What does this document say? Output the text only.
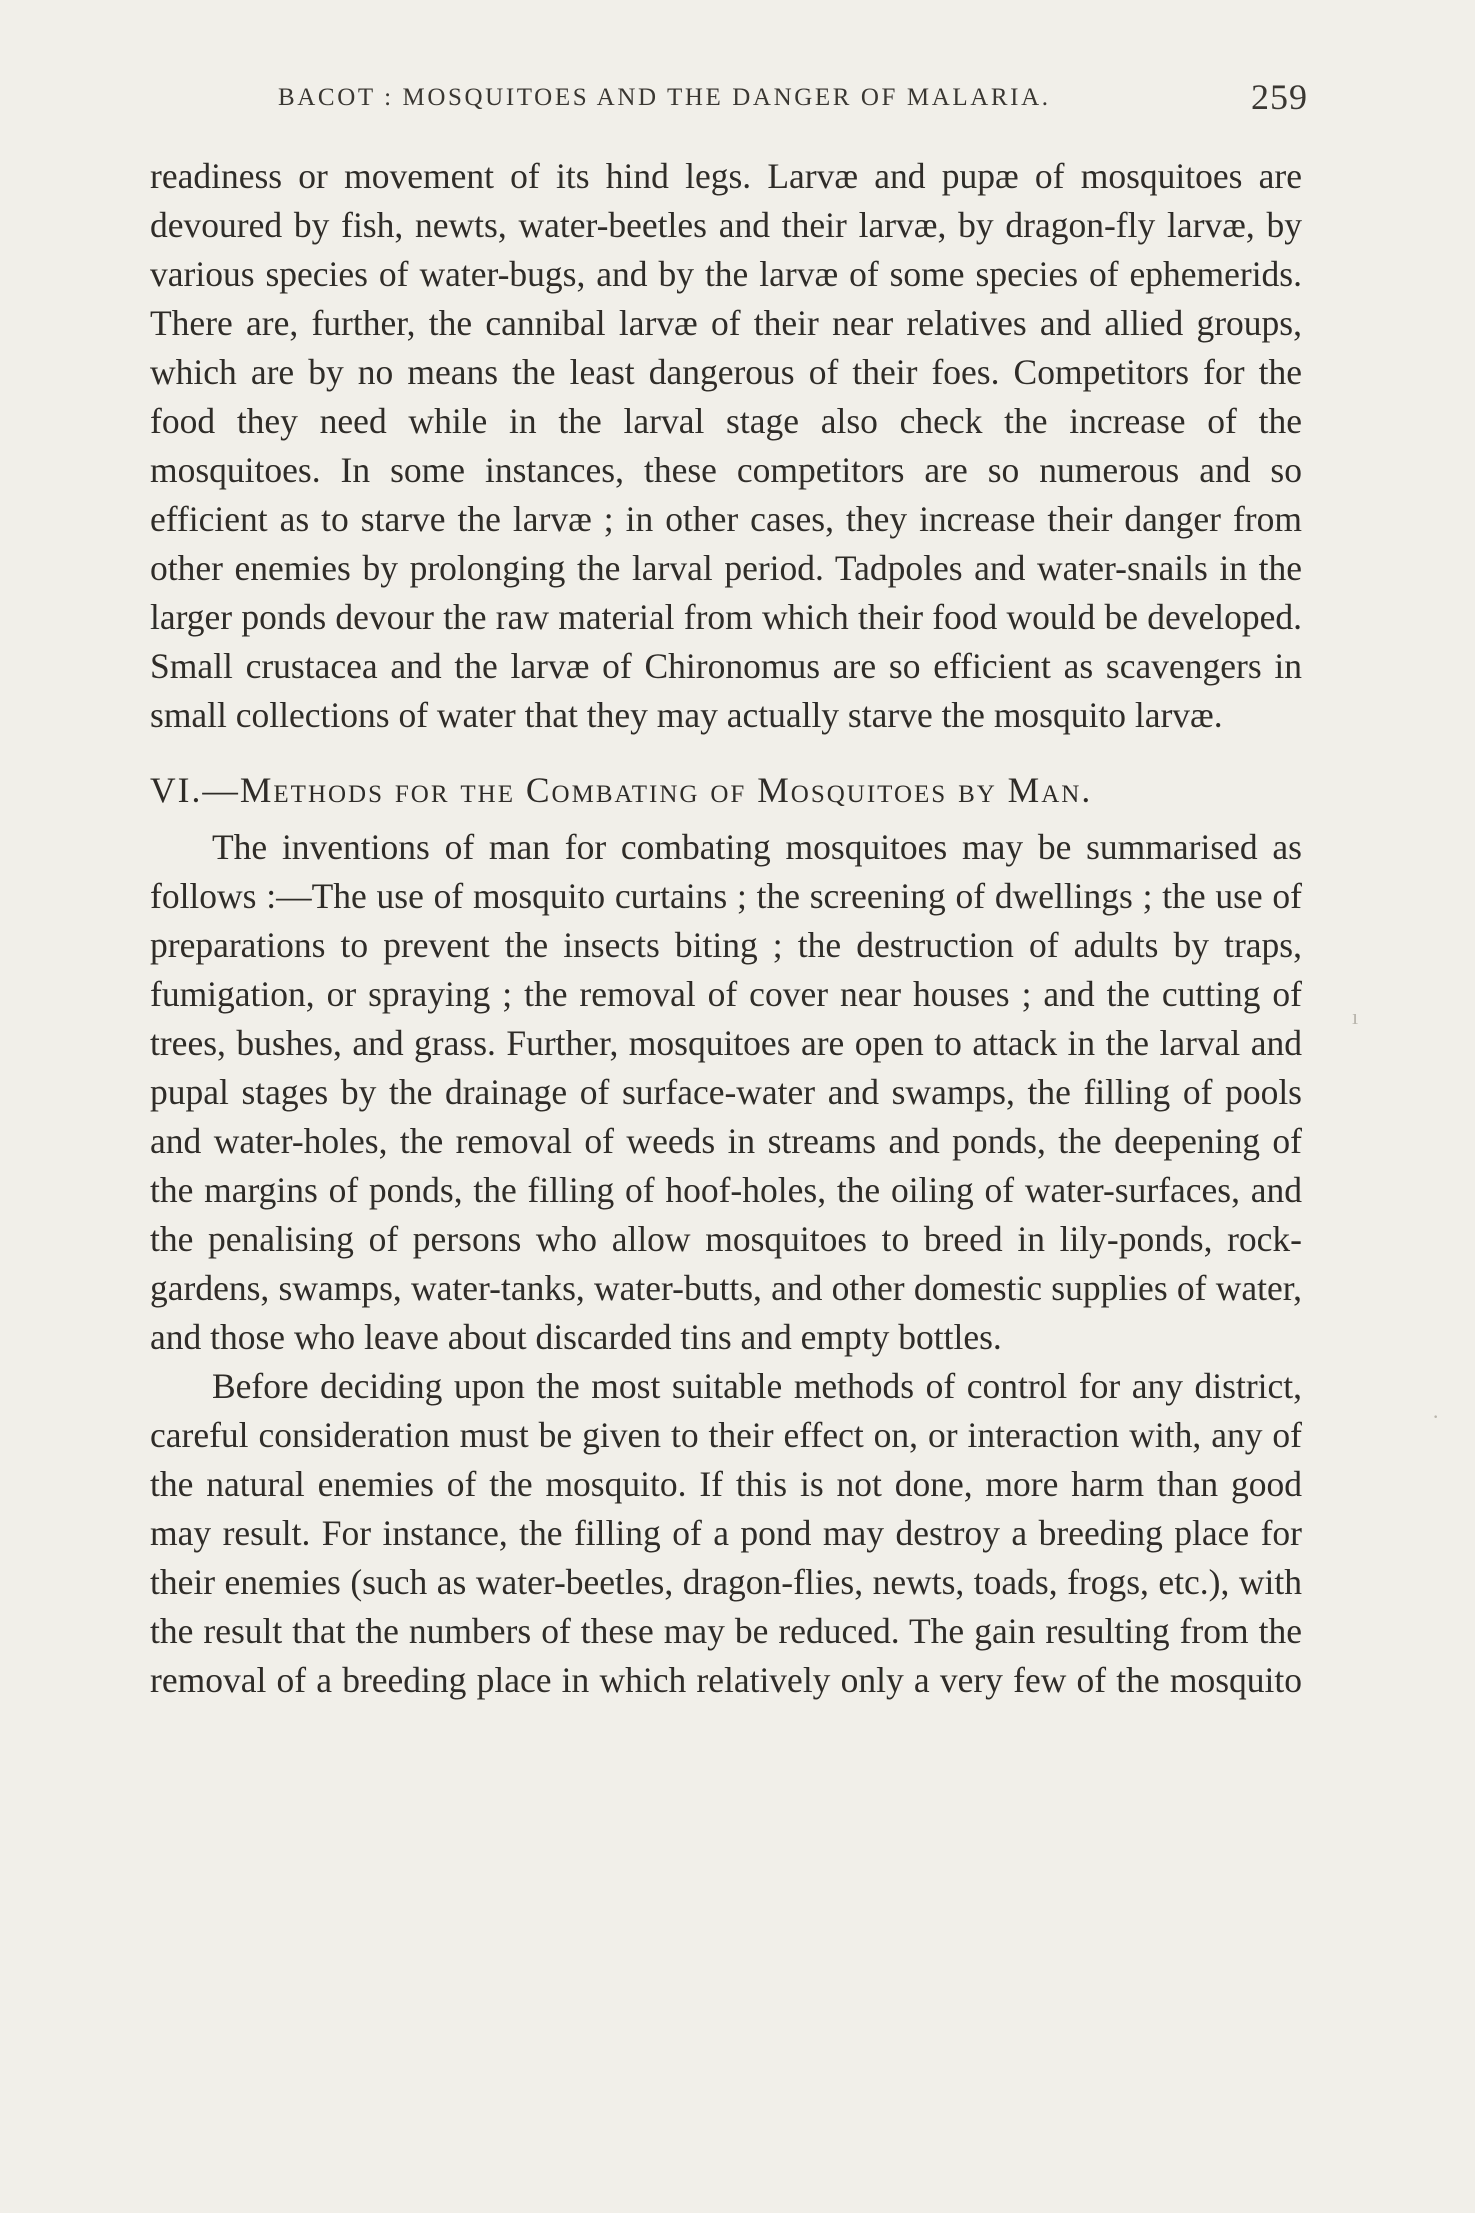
BACOT : MOSQUITOES AND THE DANGER OF MALARIA.	259

readiness or movement of its hind legs. Larvæ and pupæ of mosquitoes are devoured by fish, newts, water-beetles and their larvæ, by dragon-fly larvæ, by various species of water-bugs, and by the larvæ of some species of ephemerids. There are, further, the cannibal larvæ of their near relatives and allied groups, which are by no means the least dangerous of their foes. Competitors for the food they need while in the larval stage also check the increase of the mosquitoes. In some instances, these competitors are so numerous and so efficient as to starve the larvæ ; in other cases, they increase their danger from other enemies by prolonging the larval period. Tadpoles and water-snails in the larger ponds devour the raw material from which their food would be developed. Small crustacea and the larvæ of Chironomus are so efficient as scavengers in small collections of water that they may actually starve the mosquito larvæ.

VI.—Methods for the Combating of Mosquitoes by Man.

The inventions of man for combating mosquitoes may be summarised as follows :—The use of mosquito curtains ; the screening of dwellings ; the use of preparations to prevent the insects biting ; the destruction of adults by traps, fumigation, or spraying ; the removal of cover near houses ; and the cutting of trees, bushes, and grass. Further, mosquitoes are open to attack in the larval and pupal stages by the drainage of surface-water and swamps, the filling of pools and water-holes, the removal of weeds in streams and ponds, the deepening of the margins of ponds, the filling of hoof-holes, the oiling of water-surfaces, and the penalising of persons who allow mosquitoes to breed in lily-ponds, rock-gardens, swamps, water-tanks, water-butts, and other domestic supplies of water, and those who leave about discarded tins and empty bottles.

Before deciding upon the most suitable methods of control for any district, careful consideration must be given to their effect on, or interaction with, any of the natural enemies of the mosquito. If this is not done, more harm than good may result. For instance, the filling of a pond may destroy a breeding place for their enemies (such as water-beetles, dragon-flies, newts, toads, frogs, etc.), with the result that the numbers of these may be reduced. The gain resulting from the removal of a breeding place in which relatively only a very few of the mosquito

ı
·
